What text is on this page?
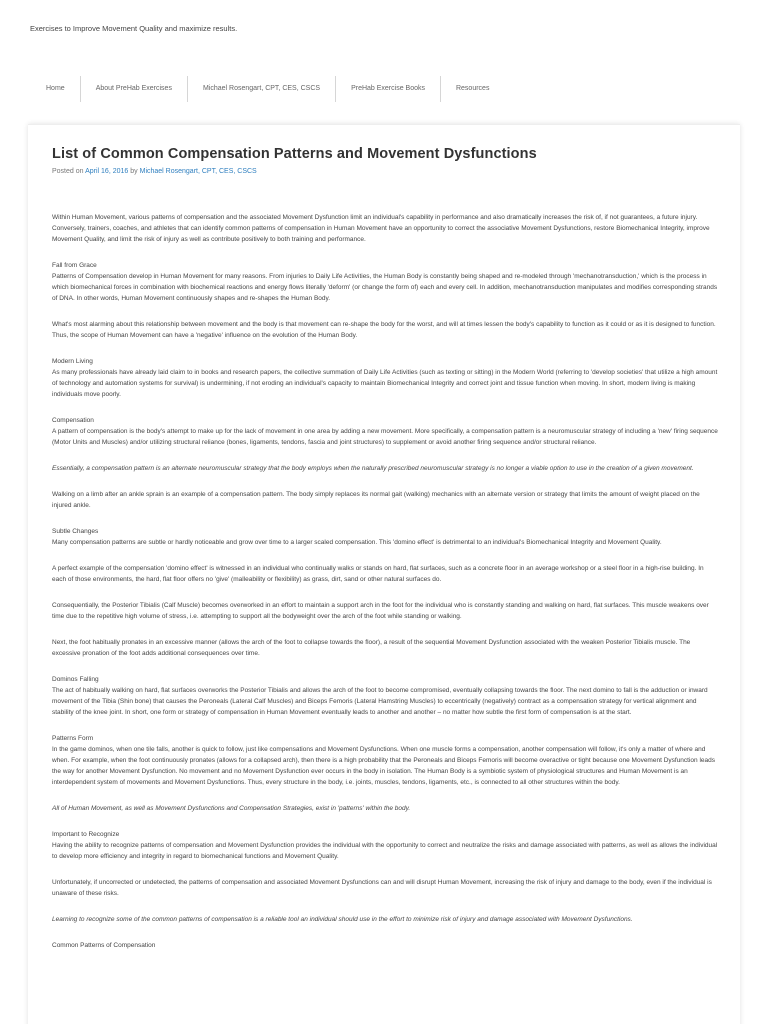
Exercises to Improve Movement Quality and maximize results.
Home	About PreHab Exercises	Michael Rosengart, CPT, CES, CSCS	PreHab Exercise Books	Resources
List of Common Compensation Patterns and Movement Dysfunctions
Posted on April 16, 2016 by Michael Rosengart, CPT, CES, CSCS

Within Human Movement, various patterns of compensation and the associated Movement Dysfunction limit an individual's capability in performance and also dramatically increases the risk of, if not guarantees, a future injury. Conversely, trainers, coaches, and athletes that can identify common patterns of compensation in Human Movement have an opportunity to correct the associative Movement Dysfunctions, restore Biomechanical Integrity, improve Movement Quality, and limit the risk of injury as well as contribute positively to both training and performance.

Fall from Grace

Patterns of Compensation develop in Human Movement for many reasons. From injuries to Daily Life Activities, the Human Body is constantly being shaped and re-modeled through 'mechanotransduction,' which is the process in which biomechanical forces in combination with biochemical reactions and energy flows literally 'deform' (or change the form of) each and every cell. In addition, mechanotransduction manipulates and modifies corresponding strands of DNA. In other words, Human Movement continuously shapes and re-shapes the Human Body.

What's most alarming about this relationship between movement and the body is that movement can re-shape the body for the worst, and will at times lessen the body's capability to function as it could or as it is designed to function. Thus, the scope of Human Movement can have a 'negative' influence on the evolution of the Human Body.

Modern Living

As many professionals have already laid claim to in books and research papers, the collective summation of Daily Life Activities (such as texting or sitting) in the Modern World (referring to 'develop societies' that utilize a high amount of technology and automation systems for survival) is undermining, if not eroding an individual's capacity to maintain Biomechanical Integrity and correct joint and tissue function when moving. In short, modern living is making individuals move poorly.

Compensation

A pattern of compensation is the body's attempt to make up for the lack of movement in one area by adding a new movement. More specifically, a compensation pattern is a neuromuscular strategy of including a 'new' firing sequence (Motor Units and Muscles) and/or utilizing structural reliance (bones, ligaments, tendons, fascia and joint structures) to supplement or avoid another firing sequence and/or structural reliance.

Essentially, a compensation pattern is an alternate neuromuscular strategy that the body employs when the naturally prescribed neuromuscular strategy is no longer a viable option to use in the creation of a given movement.

Walking on a limb after an ankle sprain is an example of a compensation pattern. The body simply replaces its normal gait (walking) mechanics with an alternate version or strategy that limits the amount of weight placed on the injured ankle.

Subtle Changes

Many compensation patterns are subtle or hardly noticeable and grow over time to a larger scaled compensation. This 'domino effect' is detrimental to an individual's Biomechanical Integrity and Movement Quality.

A perfect example of the compensation 'domino effect' is witnessed in an individual who continually walks or stands on hard, flat surfaces, such as a concrete floor in an average workshop or a steel floor in a high-rise building. In each of those environments, the hard, flat floor offers no 'give' (malleability or flexibility) as grass, dirt, sand or other natural surfaces do.

Consequentially, the Posterior Tibialis (Calf Muscle) becomes overworked in an effort to maintain a support arch in the foot for the individual who is constantly standing and walking on hard, flat surfaces. This muscle weakens over time due to the repetitive high volume of stress, i.e. attempting to support all the bodyweight over the arch of the foot while standing or walking.

Next, the foot habitually pronates in an excessive manner (allows the arch of the foot to collapse towards the floor), a result of the sequential Movement Dysfunction associated with the weaken Posterior Tibialis muscle. The excessive pronation of the foot adds additional consequences over time.

Dominos Falling

The act of habitually walking on hard, flat surfaces overworks the Posterior Tibialis and allows the arch of the foot to become compromised, eventually collapsing towards the floor. The next domino to fall is the adduction or inward movement of the Tibia (Shin bone) that causes the Peroneals (Lateral Calf Muscles) and Biceps Femoris (Lateral Hamstring Muscles) to eccentrically (negatively) contract as a compensation strategy for vertical alignment and stability of the knee joint. In short, one form or strategy of compensation in Human Movement eventually leads to another and another – no matter how subtle the first form of compensation is at the start.

Patterns Form

In the game dominos, when one tile falls, another is quick to follow, just like compensations and Movement Dysfunctions. When one muscle forms a compensation, another compensation will follow, it's only a matter of where and when. For example, when the foot continuously pronates (allows for a collapsed arch), then there is a high probability that the Peroneals and Biceps Femoris will become overactive or tight because one Movement Dysfunction leads the way for another Movement Dysfunction. No movement and no Movement Dysfunction ever occurs in the body in isolation. The Human Body is a symbiotic system of physiological structures and Human Movement is an interdependent system of movements and Movement Dysfunctions. Thus, every structure in the body, i.e. joints, muscles, tendons, ligaments, etc., is connected to all other structures within the body.

All of Human Movement, as well as Movement Dysfunctions and Compensation Strategies, exist in 'patterns' within the body.

Important to Recognize

Having the ability to recognize patterns of compensation and Movement Dysfunction provides the individual with the opportunity to correct and neutralize the risks and damage associated with patterns, as well as allows the individual to develop more efficiency and integrity in regard to biomechanical functions and Movement Quality.

Unfortunately, if uncorrected or undetected, the patterns of compensation and associated Movement Dysfunctions can and will disrupt Human Movement, increasing the risk of injury and damage to the body, even if the individual is unaware of these risks.

Learning to recognize some of the common patterns of compensation is a reliable tool an individual should use in the effort to minimize risk of injury and damage associated with Movement Dysfunctions.

Common Patterns of Compensation
